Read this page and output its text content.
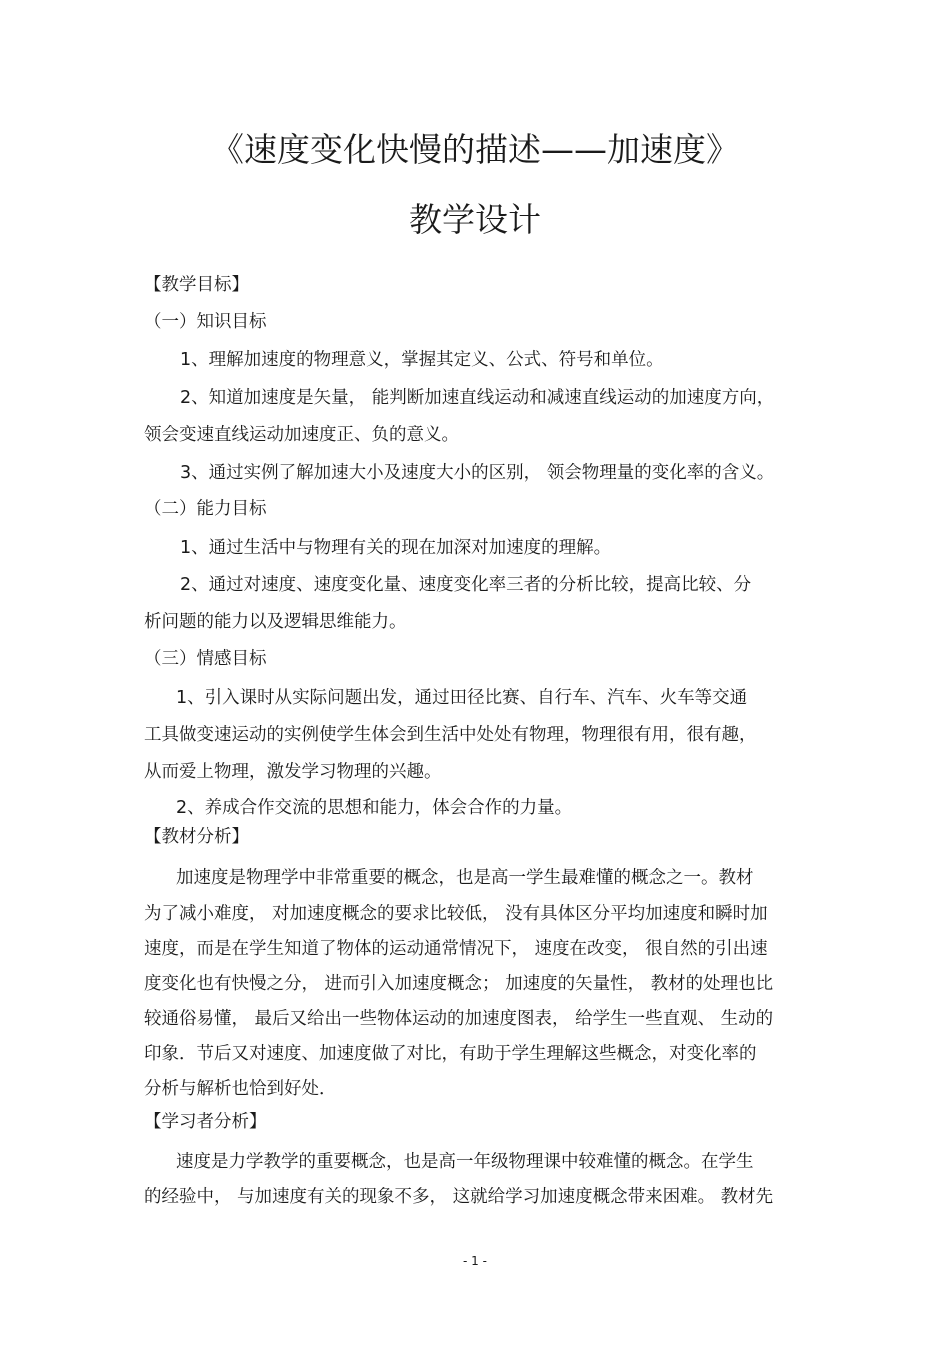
《速度变化快慢的描述——加速度》
教学设计
【教学目标】
（一）知识目标
1、理解加速度的物理意义，掌握其定义、公式、符号和单位。
2、知道加速度是矢量， 能判断加速直线运动和减速直线运动的加速度方向，
领会变速直线运动加速度正、负的意义。
3、通过实例了解加速大小及速度大小的区别， 领会物理量的变化率的含义。
（二）能力目标
1、通过生活中与物理有关的现在加深对加速度的理解。
2、通过对速度、速度变化量、速度变化率三者的分析比较，提高比较、分
析问题的能力以及逻辑思维能力。
（三）情感目标
1、引入课时从实际问题出发，通过田径比赛、自行车、汽车、火车等交通
工具做变速运动的实例使学生体会到生活中处处有物理，物理很有用，很有趣，
从而爱上物理，激发学习物理的兴趣。
2、养成合作交流的思想和能力，体会合作的力量。
【教材分析】
加速度是物理学中非常重要的概念，也是高一学生最难懂的概念之一。教材
为了减小难度， 对加速度概念的要求比较低， 没有具体区分平均加速度和瞬时加
速度，而是在学生知道了物体的运动通常情况下， 速度在改变， 很自然的引出速
度变化也有快慢之分， 进而引入加速度概念； 加速度的矢量性， 教材的处理也比
较通俗易懂， 最后又给出一些物体运动的加速度图表， 给学生一些直观、 生动的
印象．节后又对速度、加速度做了对比，有助于学生理解这些概念，对变化率的
分析与解析也恰到好处．
【学习者分析】
速度是力学教学的重要概念，也是高一年级物理课中较难懂的概念。在学生
的经验中， 与加速度有关的现象不多， 这就给学习加速度概念带来困难。 教材先
- 1 -
